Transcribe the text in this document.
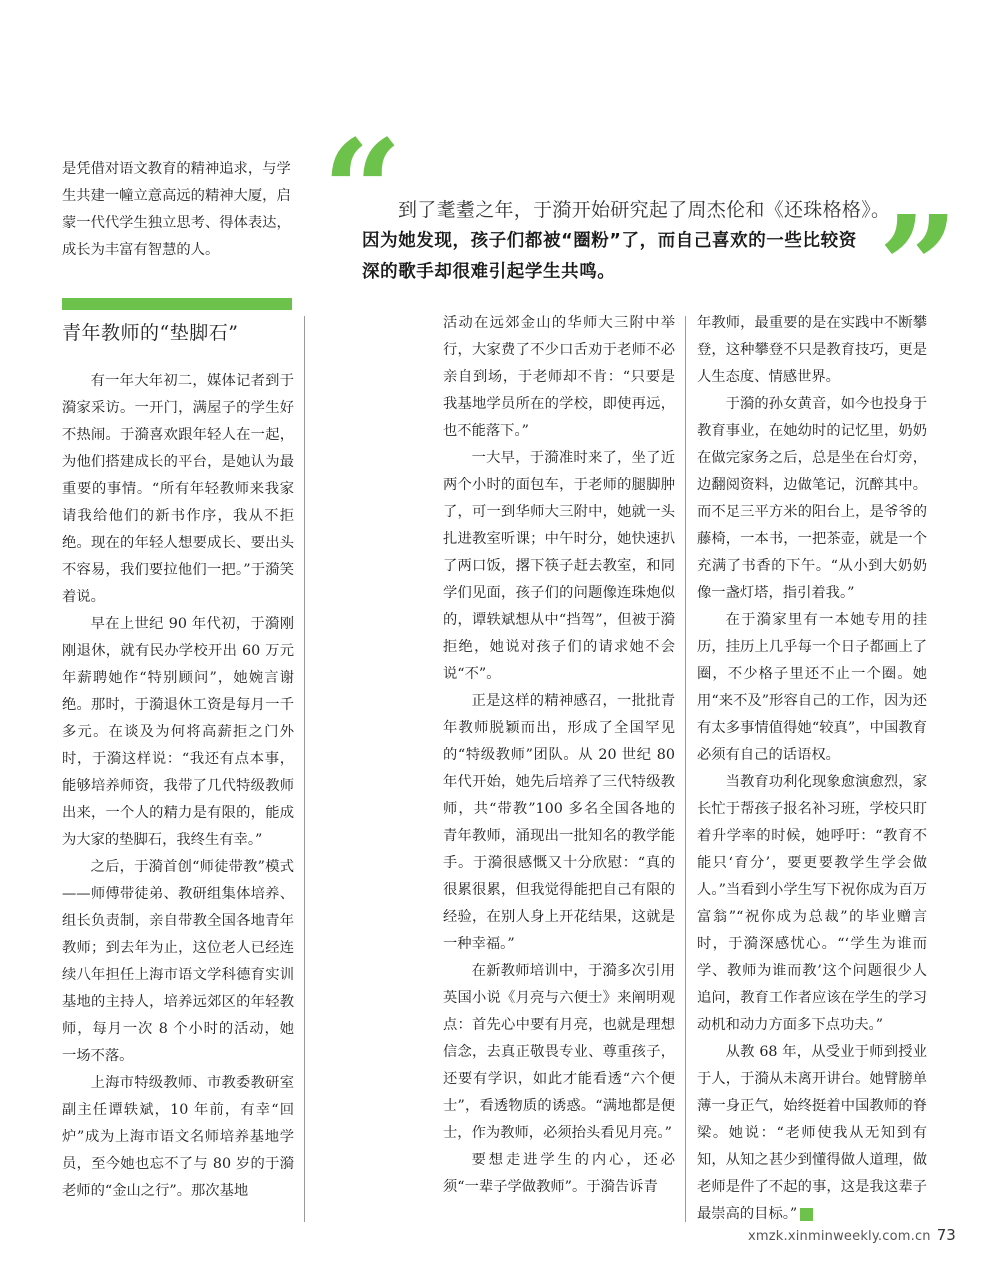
是凭借对语文教育的精神追求，与学生共建一幢立意高远的精神大厦，启蒙一代代学生独立思考、得体表达，成长为丰富有智慧的人。 “
到了耄耋之年，于漪开始研究起了周杰伦和《还珠格格》。
因为她发现，孩子们都被“圈粉”了，而自己喜欢的一些比较资深的歌手却很难引起学生共鸣。	”
青年教师的“垫脚石”

有一年大年初二，媒体记者到于漪家采访。一开门，满屋子的学生好不热闹。于漪喜欢跟年轻人在一起，为他们搭建成长的平台，是她认为最重要的事情。“所有年轻教师来我家请我给他们的新书作序，我从不拒绝。现在的年轻人想要成长、要出头不容易，我们要拉他们一把。”于漪笑着说。

早在上世纪 90 年代初，于漪刚刚退休，就有民办学校开出 60 万元年薪聘她作“特别顾问”，她婉言谢绝。那时，于漪退休工资是每月一千多元。在谈及为何将高薪拒之门外时，于漪这样说：“我还有点本事，能够培养师资，我带了几代特级教师出来，一个人的精力是有限的，能成为大家的垫脚石，我终生有幸。”

之后，于漪首创“师徒带教”模式——师傅带徒弟、教研组集体培养、组长负责制，亲自带教全国各地青年教师；到去年为止，这位老人已经连续八年担任上海市语文学科德育实训基地的主持人，培养远郊区的年轻教师，每月一次 8 个小时的活动，她一场不落。

上海市特级教师、市教委教研室副主任谭轶斌，10 年前，有幸“回炉”成为上海市语文名师培养基地学员，至今她也忘不了与 80 岁的于漪老师的“金山之行”。那次基地

活动在远郊金山的华师大三附中举行，大家费了不少口舌劝于老师不必亲自到场，于老师却不肯：“只要是我基地学员所在的学校，即使再远，也不能落下。”

一大早，于漪准时来了，坐了近两个小时的面包车，于老师的腿脚肿了，可一到华师大三附中，她就一头扎进教室听课；中午时分，她快速扒了两口饭，撂下筷子赶去教室，和同学们见面，孩子们的问题像连珠炮似的，谭轶斌想从中“挡驾”，但被于漪拒绝，她说对孩子们的请求她不会说“不”。

正是这样的精神感召，一批批青年教师脱颖而出，形成了全国罕见的“特级教师”团队。从 20 世纪 80 年代开始，她先后培养了三代特级教师，共“带教”100 多名全国各地的青年教师，涌现出一批知名的教学能手。于漪很感慨又十分欣慰：“真的很累很累，但我觉得能把自己有限的经验，在别人身上开花结果，这就是一种幸福。”

在新教师培训中，于漪多次引用英国小说《月亮与六便士》来阐明观点：首先心中要有月亮，也就是理想信念，去真正敬畏专业、尊重孩子，还要有学识，如此才能看透“六个便士”，看透物质的诱惑。“满地都是便士，作为教师，必须抬头看见月亮。”

要想走进学生的内心，还必须“一辈子学做教师”。于漪告诉青

年教师，最重要的是在实践中不断攀登，这种攀登不只是教育技巧，更是人生态度、情感世界。

于漪的孙女黄音，如今也投身于教育事业，在她幼时的记忆里，奶奶在做完家务之后，总是坐在台灯旁，边翻阅资料，边做笔记，沉醉其中。而不足三平方米的阳台上，是爷爷的藤椅，一本书，一把茶壶，就是一个充满了书香的下午。“从小到大奶奶像一盏灯塔，指引着我。”

在于漪家里有一本她专用的挂历，挂历上几乎每一个日子都画上了圈，不少格子里还不止一个圈。她用“来不及”形容自己的工作，因为还有太多事情值得她“较真”，中国教育必须有自己的话语权。

当教育功利化现象愈演愈烈，家长忙于帮孩子报名补习班，学校只盯着升学率的时候，她呼吁：“教育不能只‘育分’，要更要教学生学会做人。”当看到小学生写下祝你成为百万富翁”“祝你成为总裁”的毕业赠言时，于漪深感忧心。“‘学生为谁而学、教师为谁而教’这个问题很少人追问，教育工作者应该在学生的学习动机和动力方面多下点功夫。”

从教 68 年，从受业于师到授业于人，于漪从未离开讲台。她臂膀单薄一身正气，始终挺着中国教师的脊梁。她说：“老师使我从无知到有知，从知之甚少到懂得做人道理，做老师是件了不起的事，这是我这辈子最崇高的目标。”	民

xmzk.xinminweekly.com.cn 73
